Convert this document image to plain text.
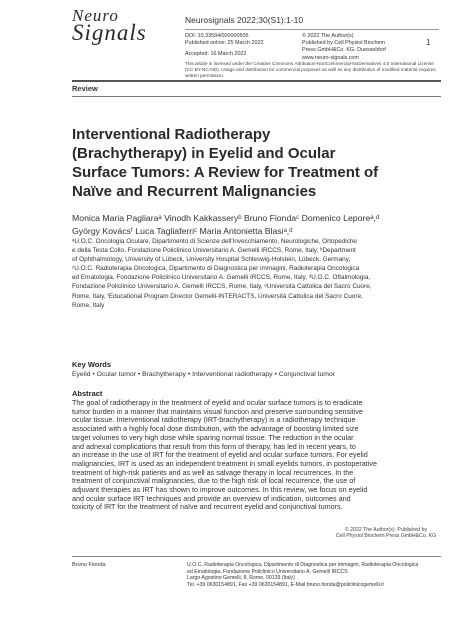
Neuro
Signals
Neurosignals 2022;30(S1):1-10
DOI: 10.33594/000000505
Published online: 25 March 2022
Accepted: 16 March 2022
© 2022 The Author(s)
Published by Cell Physiol Biochem
Press GmbH&Co. KG, Duesseldorf
www.neuro-signals.com
1
This article is licensed under the Creative Commons Attribution-NonCommercial-NoDerivatives 4.0 International License (CC BY-NC-ND). Usage and distribution for commercial purposes as well as any distribution of modified material requires written permission.
Review
Interventional Radiotherapy
(Brachytherapy) in Eyelid and Ocular
Surface Tumors: A Review for Treatment of
Naïve and Recurrent Malignancies
Monica Maria Pagliaraᵃ Vinodh Kakkasseryᵇ Bruno Fiondaᶜ Domenico Leporeᵃ,ᵈ
György Kovácsᶠ Luca Tagliaferriᶜ Maria Antonietta Blasiᵃ,ᵈ
ᵃU.O.C. Oncologia Oculare, Dipartimento di Scienze dell'Invecchiamento, Neurologiche, Ortopediche
e della Testa Collo, Fondazione Policlinico Universitario A. Gemelli IRCCS, Rome, Italy, ᵇDepartment
of Ophthalmology, University of Lübeck, University Hospital Schleswig-Holstein, Lübeck, Germany,
ᶜU.O.C. Radioterapia Oncologica, Dipartimento di Diagnostica per immagini, Radioterapia Oncologica
ed Ematologia, Fondazione Policlinico Universitario A. Gemelli IRCCS, Rome, Italy, ᵈU.O.C. Oftalmologia,
Fondazione Policlinico Universitario A. Gemelli IRCCS, Rome, Italy, ᵉUniversità Cattolica del Sacro Cuore,
Rome, Italy, ᶠEducational Program Director Gemelli-INTERACTS, Università Cattolica del Sacro Cuore,
Rome, Italy
Key Words
Eyelid • Ocular tumor • Brachytherapy • Interventional radiotherapy • Conjunctival tumor
Abstract
The goal of radiotherapy in the treatment of eyelid and ocular surface tumors is to eradicate
tumor burden in a manner that maintains visual function and preserve surrounding sensitive
ocular tissue. Interventional radiotherapy (IRT-brachytherapy) is a radiotherapy technique
associated with a highly focal dose distribution, with the advantage of boosting limited size
target volumes to very high dose while sparing normal tissue. The reduction in the ocular
and adnexal complications that result from this form of therapy, has led in recent years, to
an increase in the use of IRT for the treatment of eyelid and ocular surface tumors. For eyelid
malignancies, IRT is used as an independent treatment in small eyelids tumors, in postoperative
treatment of high-risk patients and as well as salvage therapy in local recurrences. In the
treatment of conjunctival malignancies, due to the high risk of local recurrence, the use of
adjuvant therapies as IRT has shown to improve outcomes. In this review, we focus on eyelid
and ocular surface IRT techniques and provide an overview of indication, outcomes and
toxicity of IRT for the treatment of naïve and recurrent eyelid and conjunctival tumors.
© 2022 The Author(s). Published by
Cell Physiol Biochem Press GmbH&Co. KG
Bruno Fionda	U.O.C. Radioterapia Oncologica, Dipartimento di Diagnostica per immagini, Radioterapia Oncologica
ed Ematologia, Fondazione Policlinico Universitario A. Gemelli IRCCS
Largo Agostino Gemelli, 8, Rome, 00139 (Italy)
Tel. +39 0630154891, Fax +39 0630154891, E-Mail bruno.fionda@policlinicogemelli.it
